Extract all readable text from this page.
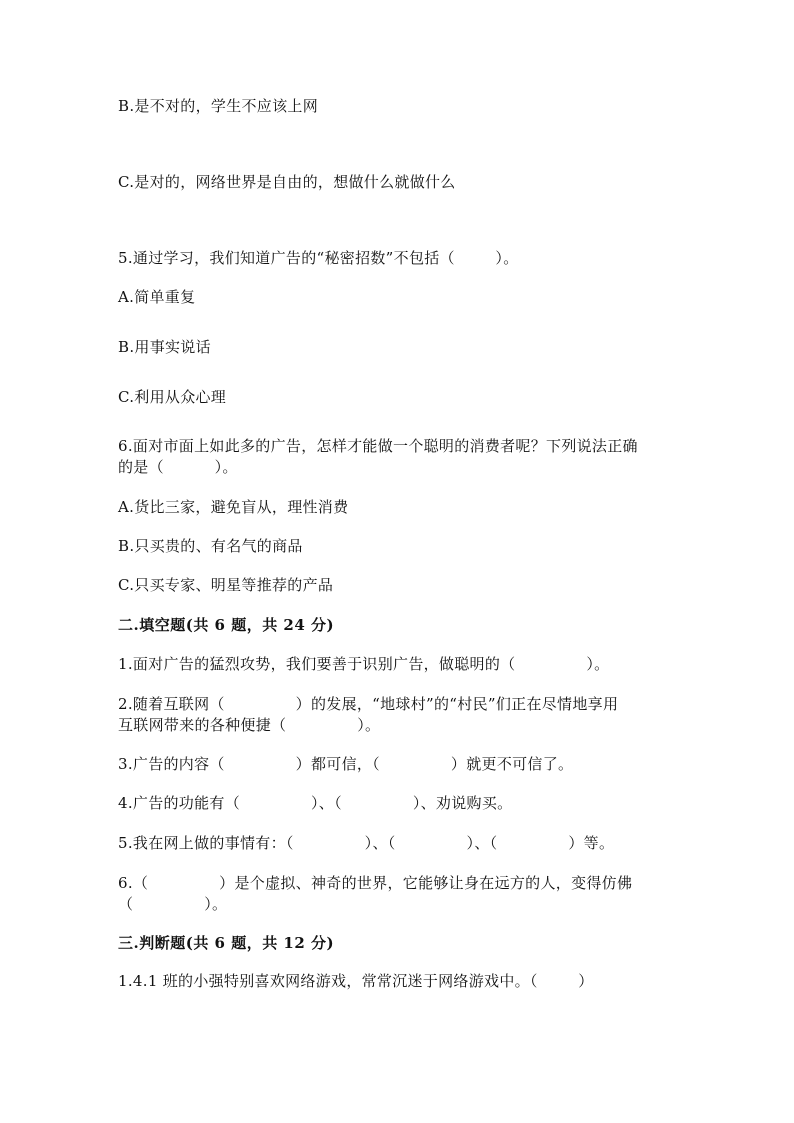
B.是不对的，学生不应该上网
C.是对的，网络世界是自由的，想做什么就做什么
5.通过学习，我们知道广告的“秘密招数”不包括（        ）。
A.简单重复
B.用事实说话
C.利用从众心理
6.面对市面上如此多的广告，怎样才能做一个聪明的消费者呢？下列说法正确
的是（          ）。
A.货比三家，避免盲从，理性消费
B.只买贵的、有名气的商品
C.只买专家、明星等推荐的产品
二.填空题(共 6 题，共 24 分)
1.面对广告的猛烈攻势，我们要善于识别广告，做聪明的（              ）。
2.随着互联网（              ）的发展，“地球村”的“村民”们正在尽情地享用
互联网带来的各种便捷（              ）。
3.广告的内容（              ）都可信，（              ）就更不可信了。
4.广告的功能有（              ）、（              ）、劝说购买。
5.我在网上做的事情有：（              ）、（              ）、（              ）等。
6.（              ）是个虚拟、神奇的世界，它能够让身在远方的人，变得仿佛
（              ）。
三.判断题(共 6 题，共 12 分)
1.4.1 班的小强特别喜欢网络游戏，常常沉迷于网络游戏中。（        ）
